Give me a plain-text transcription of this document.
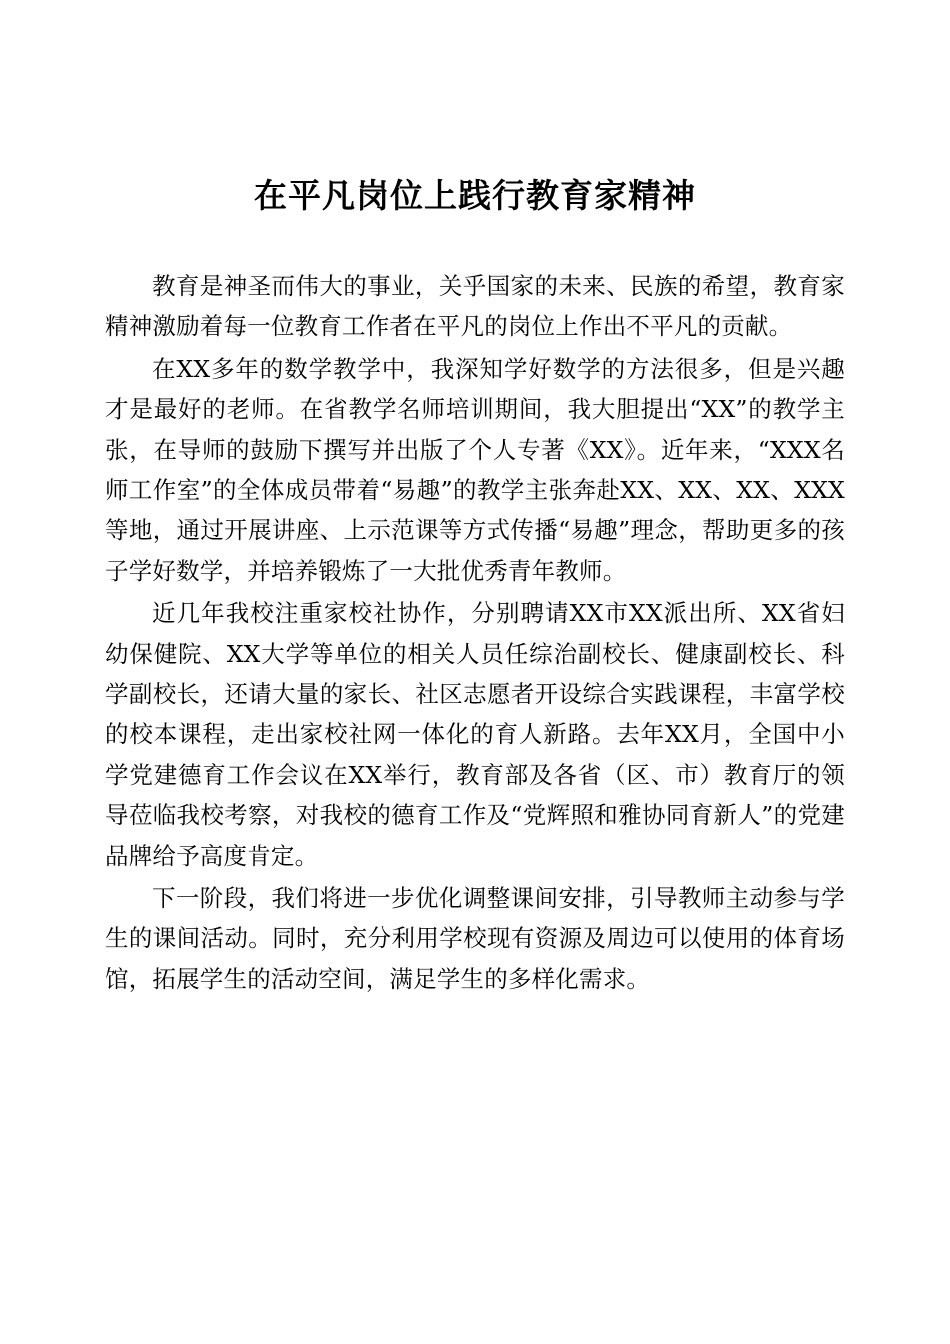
在平凡岗位上践行教育家精神

教育是神圣而伟大的事业，关乎国家的未来、民族的希望，教育家精神激励着每一位教育工作者在平凡的岗位上作出不平凡的贡献。

在XX多年的数学教学中，我深知学好数学的方法很多，但是兴趣才是最好的老师。在省教学名师培训期间，我大胆提出“XX”的教学主张，在导师的鼓励下撰写并出版了个人专著《XX》。近年来，“XXX名师工作室”的全体成员带着“易趣”的教学主张奔赴XX、XX、XX、XXX等地，通过开展讲座、上示范课等方式传播“易趣”理念，帮助更多的孩子学好数学，并培养锻炼了一大批优秀青年教师。

近几年我校注重家校社协作，分别聘请XX市XX派出所、XX省妇幼保健院、XX大学等单位的相关人员任综治副校长、健康副校长、科学副校长，还请大量的家长、社区志愿者开设综合实践课程，丰富学校的校本课程，走出家校社网一体化的育人新路。去年XX月，全国中小学党建德育工作会议在XX举行，教育部及各省（区、市）教育厅的领导莅临我校考察，对我校的德育工作及“党辉照和雅协同育新人”的党建品牌给予高度肯定。

下一阶段，我们将进一步优化调整课间安排，引导教师主动参与学生的课间活动。同时，充分利用学校现有资源及周边可以使用的体育场馆，拓展学生的活动空间，满足学生的多样化需求。
